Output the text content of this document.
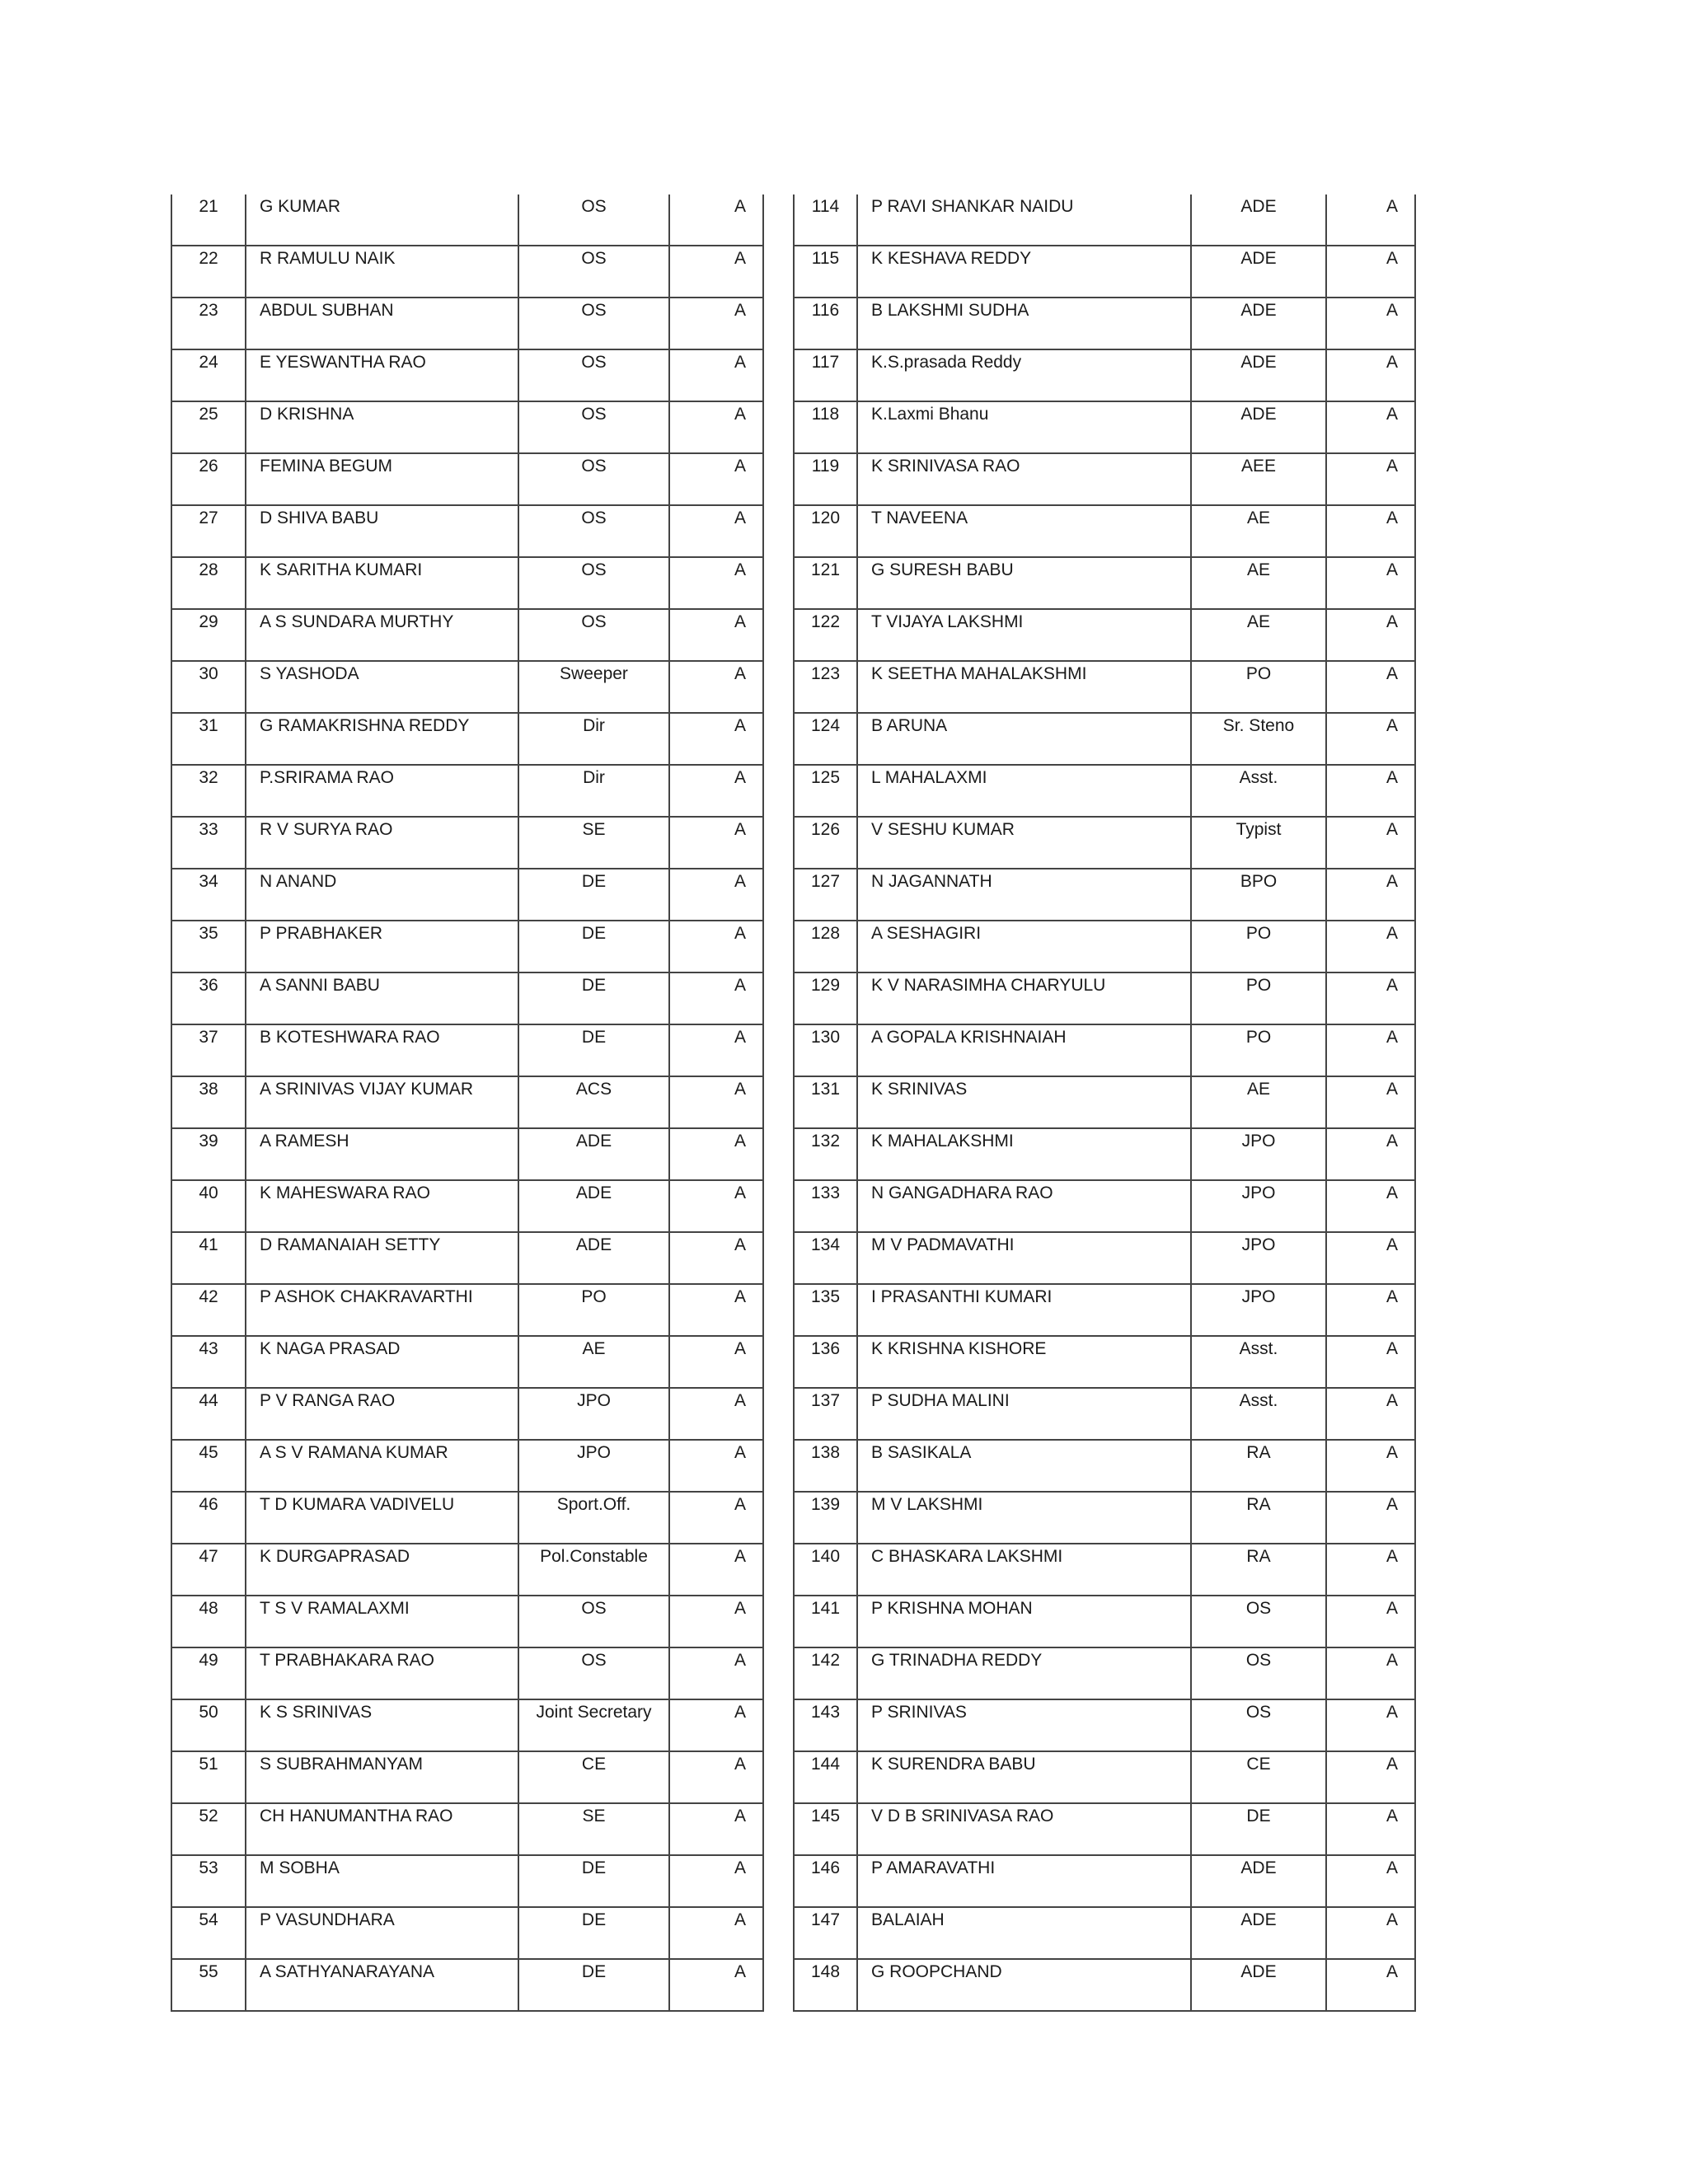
21	G KUMAR	OS	A

22	R RAMULU NAIK	OS	A

23	ABDUL SUBHAN	OS	A

24	E YESWANTHA RAO	OS	A

25	D KRISHNA	OS	A

26	FEMINA BEGUM	OS	A

27	D SHIVA BABU	OS	A

28	K SARITHA KUMARI	OS	A

29	A S SUNDARA MURTHY	OS	A

30	S YASHODA	Sweeper	A

31	G RAMAKRISHNA REDDY	Dir	A

32	P.SRIRAMA RAO	Dir	A

33	R V SURYA RAO	SE	A

34	N ANAND	DE	A

35	P PRABHAKER	DE	A

36	A SANNI BABU	DE	A

37	B KOTESHWARA RAO	DE	A

38	A SRINIVAS VIJAY KUMAR	ACS	A

39	A RAMESH	ADE	A

40	K MAHESWARA RAO	ADE	A

41	D RAMANAIAH SETTY	ADE	A

42	P ASHOK CHAKRAVARTHI	PO	A

43	K NAGA PRASAD	AE	A

44	P V RANGA RAO	JPO	A

45	A S V RAMANA KUMAR	JPO	A

46	T D KUMARA VADIVELU	Sport.Off.	A

47	K DURGAPRASAD	Pol.Constable	A

48	T S V RAMALAXMI	OS	A

49	T PRABHAKARA RAO	OS	A

50	K S SRINIVAS	Joint Secretary	A

51	S SUBRAHMANYAM	CE	A

52	CH HANUMANTHA RAO	SE	A

53	M SOBHA	DE	A

54	P VASUNDHARA	DE	A

55	A SATHYANARAYANA	DE	A
114	P RAVI SHANKAR NAIDU	ADE	A

115	K KESHAVA REDDY	ADE	A

116	B LAKSHMI SUDHA	ADE	A

117	K.S.prasada Reddy	ADE	A

118	K.Laxmi Bhanu	ADE	A

119	K SRINIVASA RAO	AEE	A

120	T NAVEENA	AE	A

121	G SURESH BABU	AE	A

122	T VIJAYA LAKSHMI	AE	A

123	K SEETHA MAHALAKSHMI	PO	A

124	B ARUNA	Sr. Steno	A

125	L MAHALAXMI	Asst.	A

126	V SESHU KUMAR	Typist	A

127	N JAGANNATH	BPO	A

128	A SESHAGIRI	PO	A

129	K V NARASIMHA CHARYULU	PO	A

130	A GOPALA KRISHNAIAH	PO	A

131	K SRINIVAS	AE	A

132	K MAHALAKSHMI	JPO	A

133	N GANGADHARA RAO	JPO	A

134	M V PADMAVATHI	JPO	A

135	I PRASANTHI KUMARI	JPO	A

136	K KRISHNA KISHORE	Asst.	A

137	P SUDHA MALINI	Asst.	A

138	B SASIKALA	RA	A

139	M V LAKSHMI	RA	A

140	C BHASKARA LAKSHMI	RA	A

141	P KRISHNA MOHAN	OS	A

142	G TRINADHA REDDY	OS	A

143	P SRINIVAS	OS	A

144	K SURENDRA BABU	CE	A

145	V D B SRINIVASA RAO	DE	A

146	P AMARAVATHI	ADE	A

147	BALAIAH	ADE	A

148	G ROOPCHAND	ADE	A
